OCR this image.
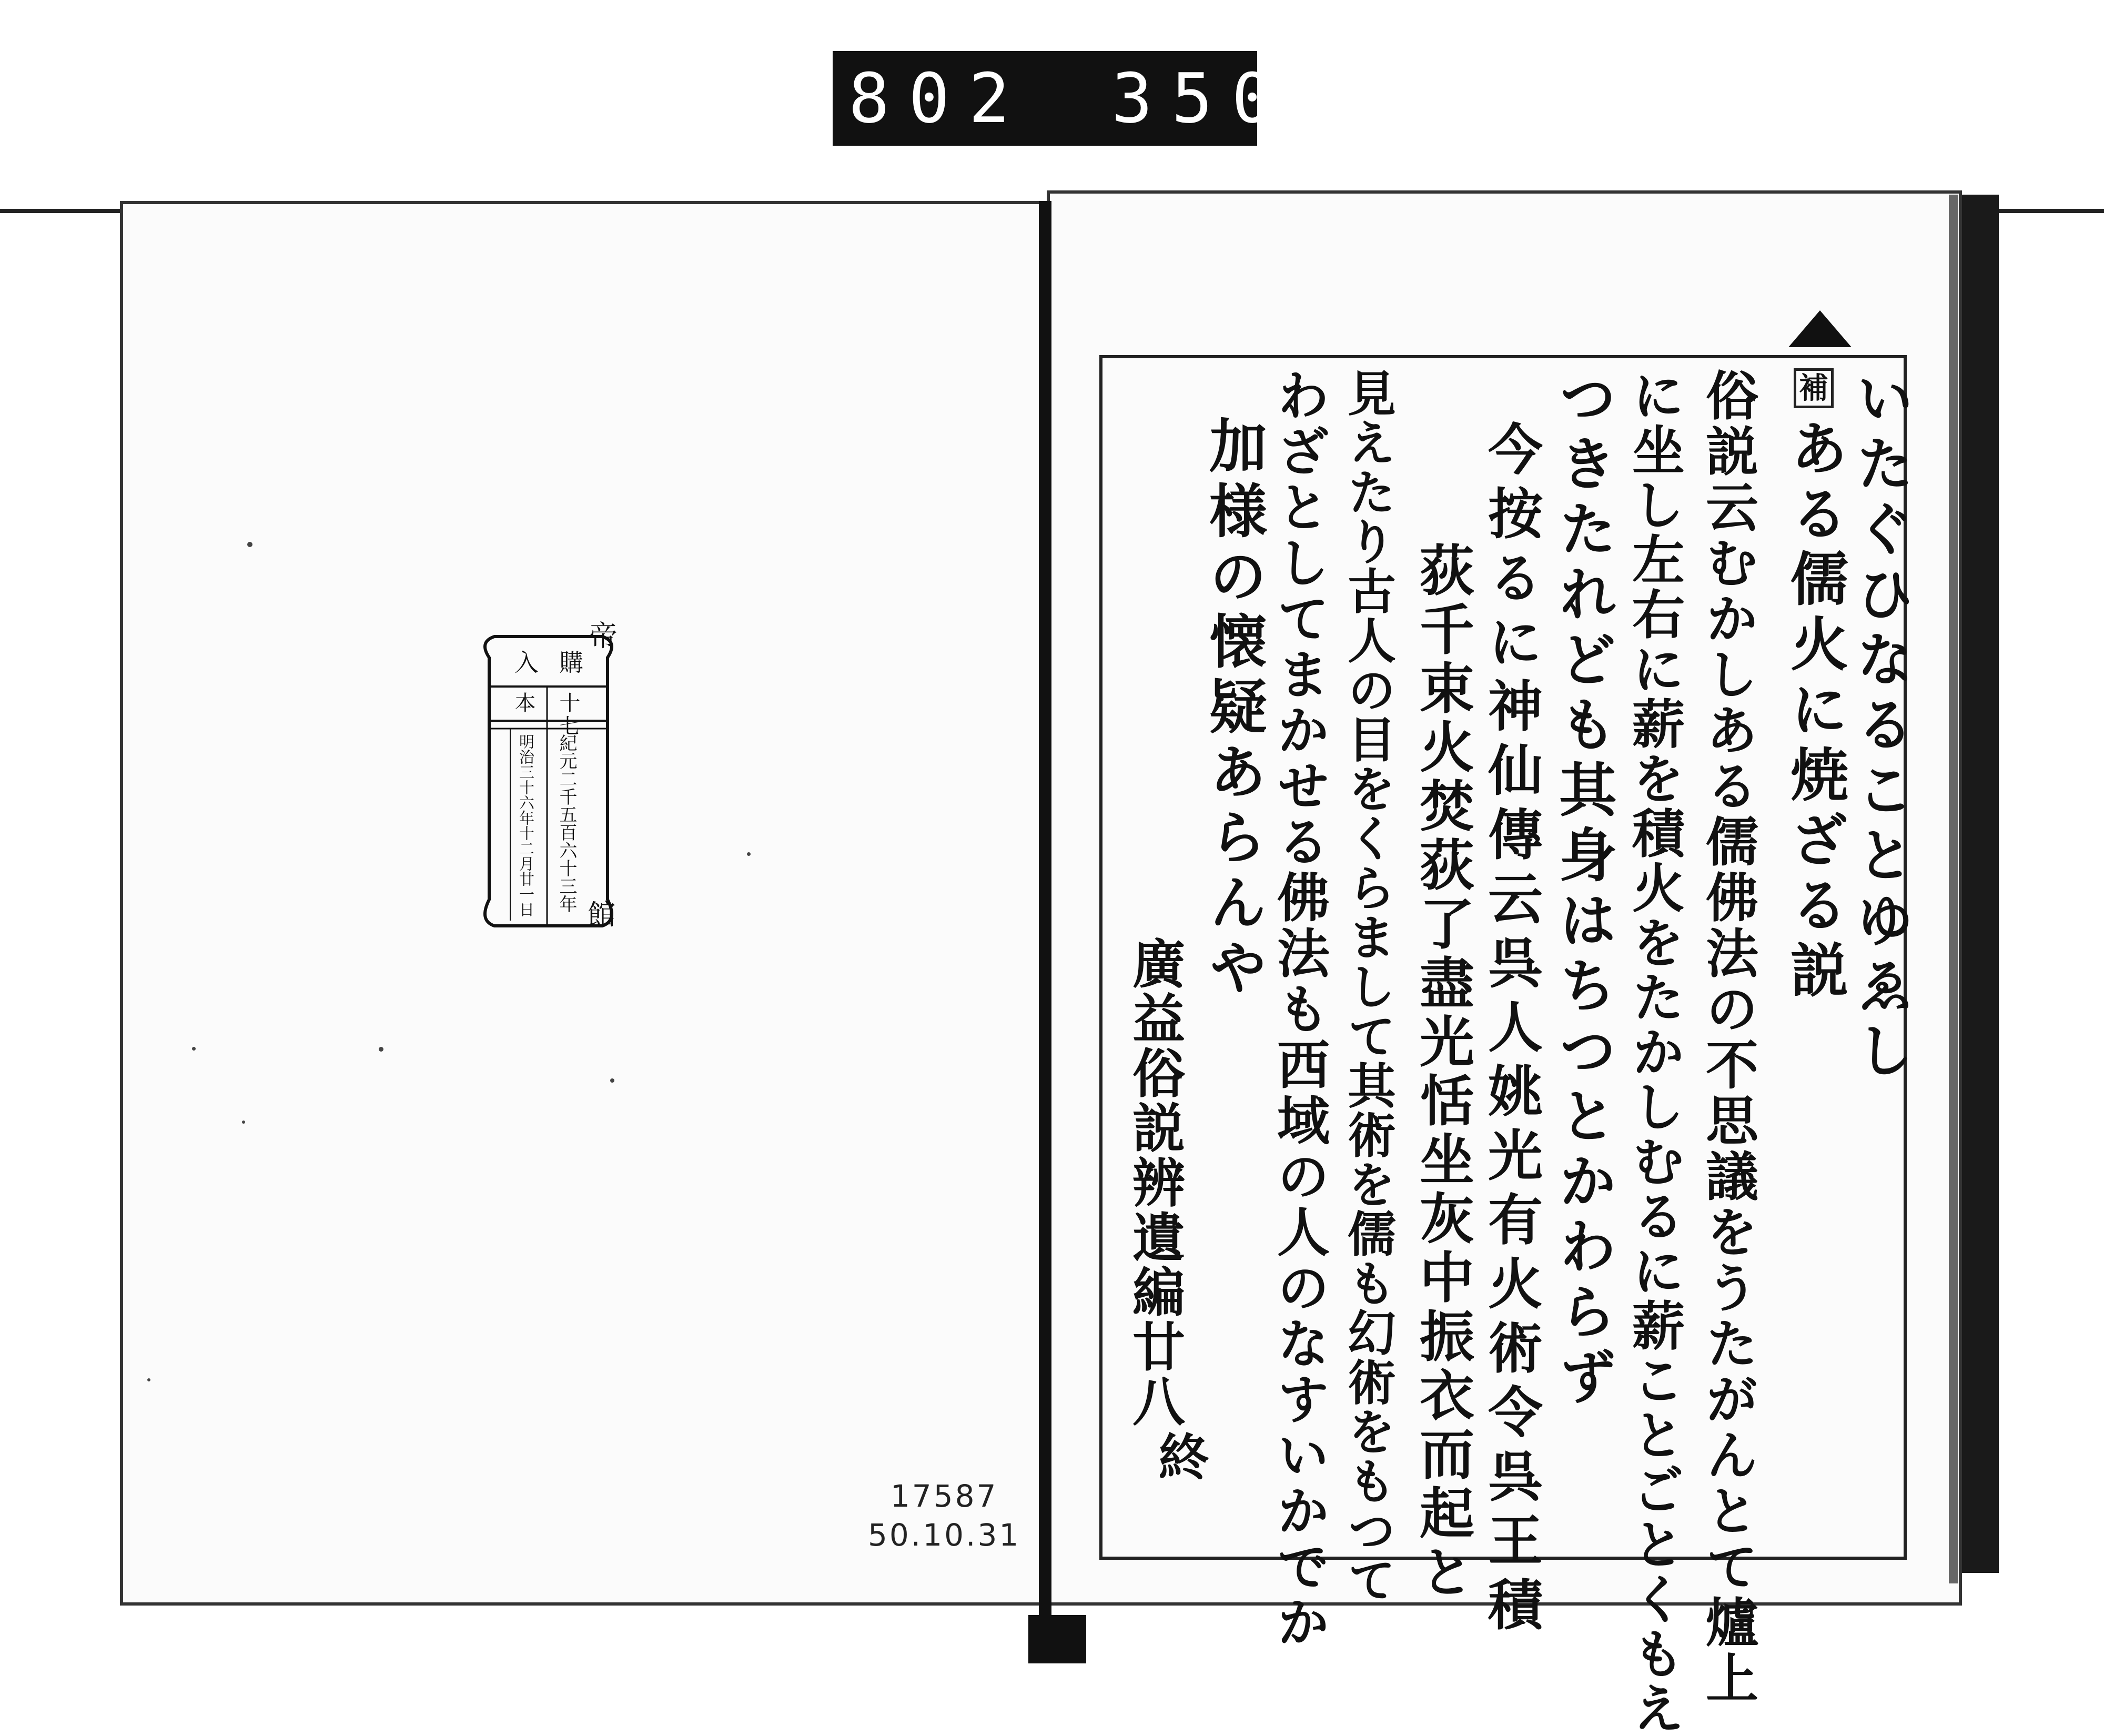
802 350.
帝
館
購
入
本 十七
紀元二千五百六十三年
明治三十六年十二月廿一日
17587
50.10.31
補 いたぐひなることゆゑし
ある儒火に焼ざる説
俗説云むかしある儒佛法の不思議をうたがんとて爐上
に坐し左右に薪を積火をたかしむるに薪ことごとくもえ
つきたれども其身はちつとかわらず
今按るに神仙傳云呉人姚光有火術令呉王積
荻千束火焚荻了盡光恬坐灰中振衣而起と
見えたり古人の目をくらまして其術を儒も幻術をもつて
わざとしてまかせる佛法も西域の人のなすいかでか
加様の懐疑あらんや
廣益俗説辨遺編廿八
終
